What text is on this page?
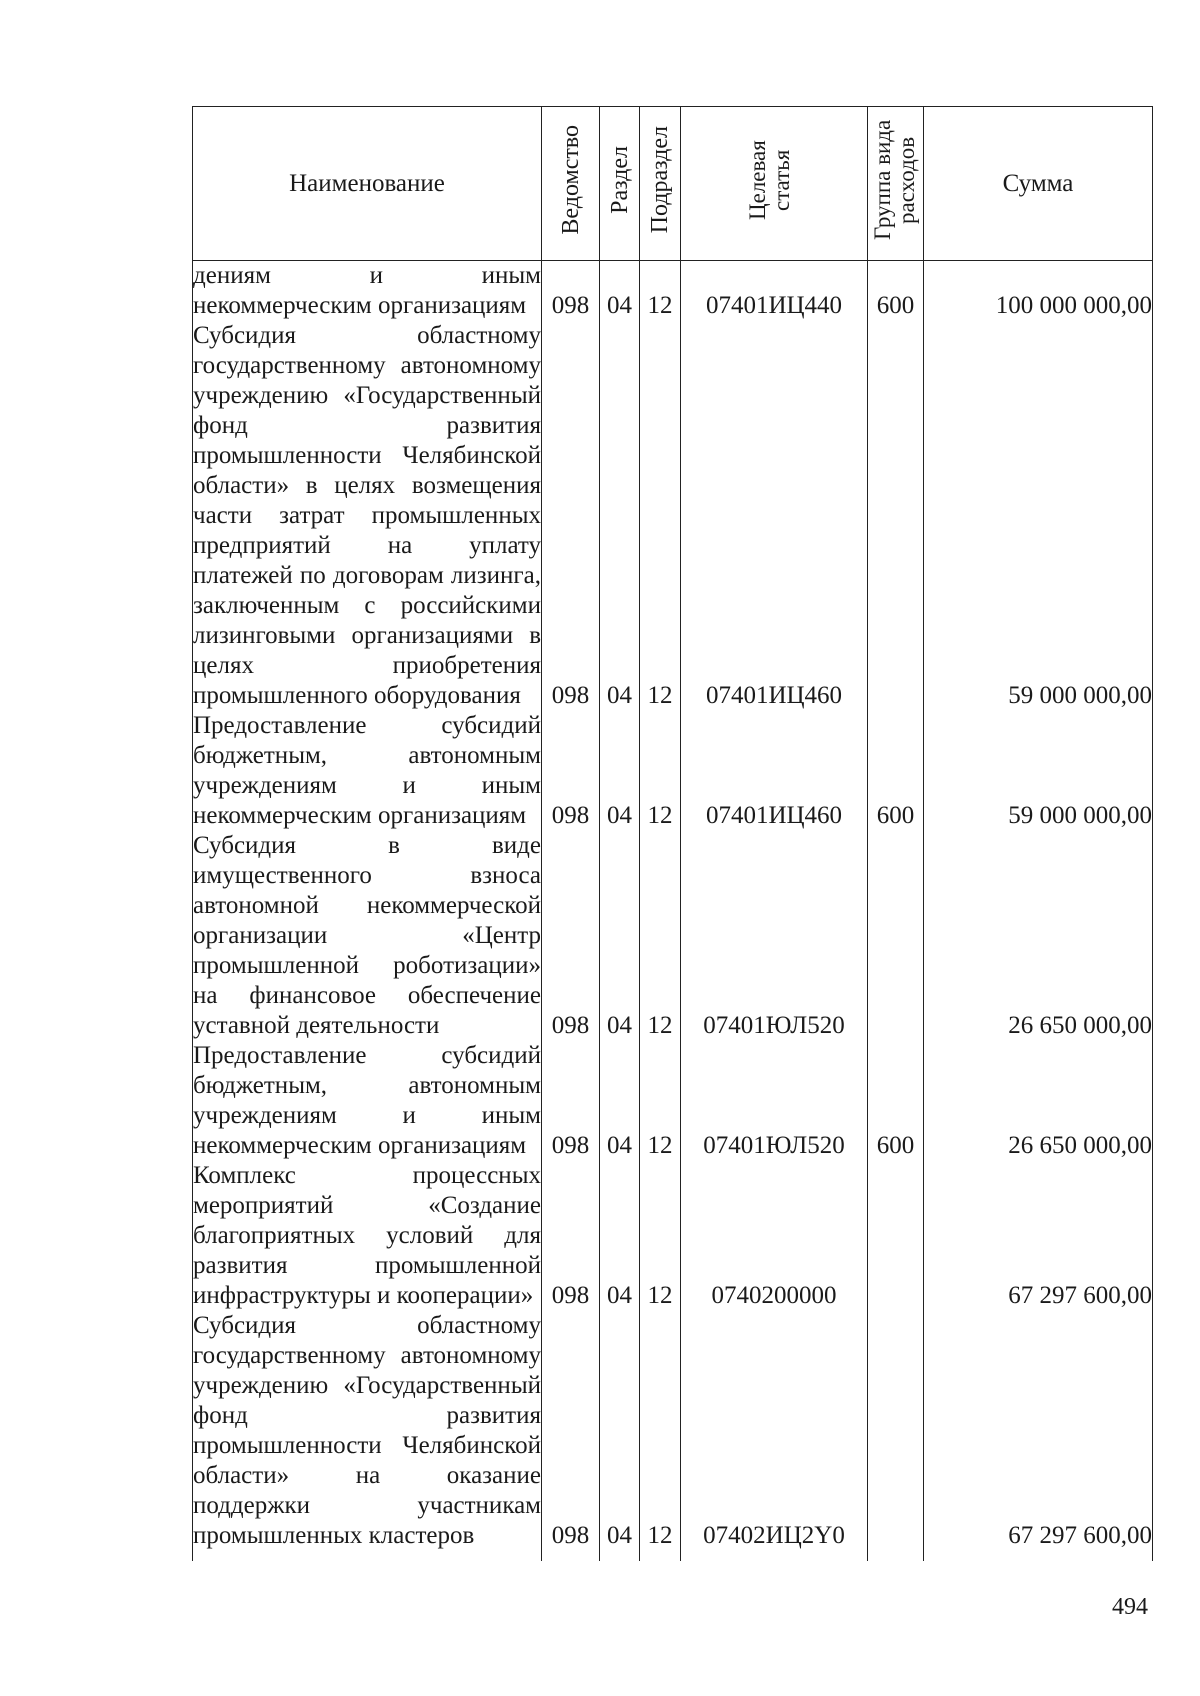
Наименование	Ведомство	Раздел	Подраздел	Целевая статья	Группа вида расходов	Сумма
дениям и иным некоммерческим организациям	098	04	12	07401ИЦ440	600	100 000 000,00
Субсидия областному государственному автономному учреждению «Государственный фонд развития промышленности Челябинской области» в целях возмещения части затрат промышленных предприятий на уплату платежей по договорам лизинга, заключенным с российскими лизинговыми организациями в целях приобретения промышленного оборудования	098	04	12	07401ИЦ460		59 000 000,00
Предоставление субсидий бюджетным, автономным учреждениям и иным некоммерческим организациям	098	04	12	07401ИЦ460	600	59 000 000,00
Субсидия в виде имущественного взноса автономной некоммерческой организации «Центр промышленной роботизации» на финансовое обеспечение уставной деятельности	098	04	12	07401ЮЛ520		26 650 000,00
Предоставление субсидий бюджетным, автономным учреждениям и иным некоммерческим организациям	098	04	12	07401ЮЛ520	600	26 650 000,00
Комплекс процессных мероприятий «Создание благоприятных условий для развития промышленной инфраструктуры и кооперации»	098	04	12	0740200000		67 297 600,00
Субсидия областному государственному автономному учреждению «Государственный фонд развития промышленности Челябинской области» на оказание поддержки участникам промышленных кластеров	098	04	12	07402ИЦ2Y0		67 297 600,00
494
